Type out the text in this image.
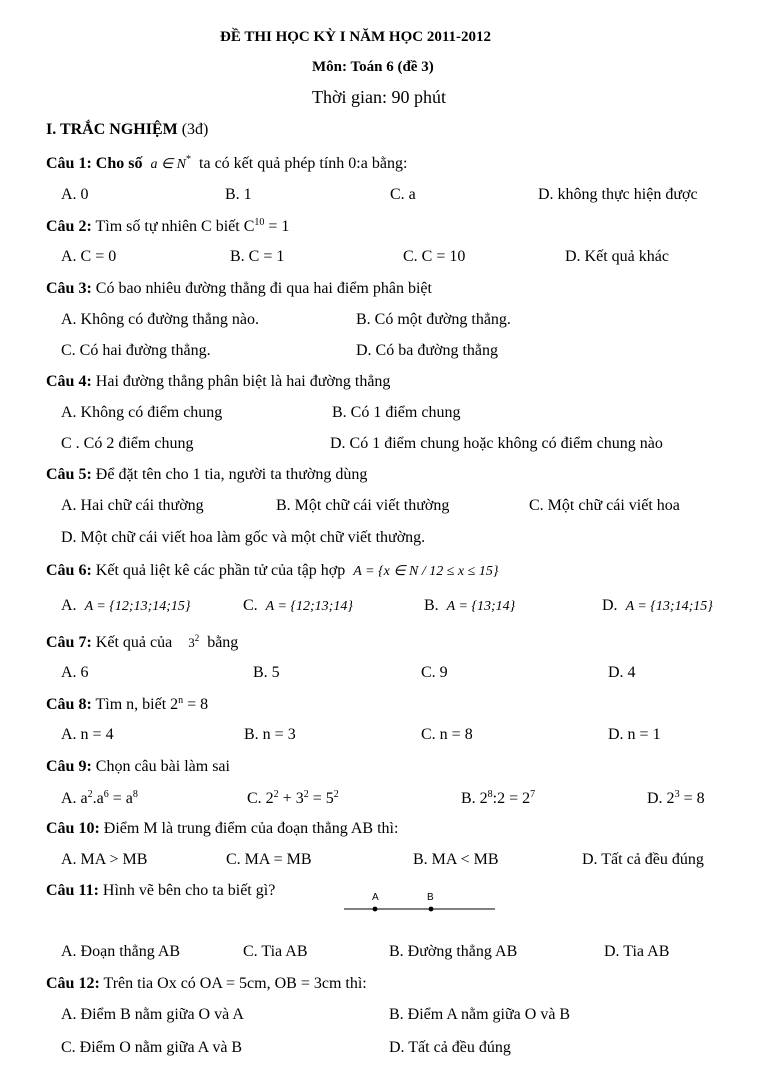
ĐỀ THI HỌC KỲ I NĂM HỌC 2011-2012
Môn: Toán 6 (đề 3)
Thời gian: 90 phút
I. TRẮC NGHIỆM (3đ)
Câu 1: Cho số a ∈ N* ta có kết quả phép tính 0:a bằng:
A. 0	B. 1	C. a	D. không thực hiện được
Câu 2: Tìm số tự nhiên C biết $C^{10} = 1$
A. C = 0	B. C = 1	C. C = 10	D. Kết quả khác
Câu 3: Có bao nhiêu đường thẳng đi qua hai điểm phân biệt
A. Không có đường thẳng nào.	B. Có một đường thẳng.
C. Có hai đường thẳng.	D. Có ba đường thẳng
Câu 4: Hai đường thẳng phân biệt là hai đường thẳng
A. Không có điểm chung	B. Có 1 điểm chung
C . Có 2 điểm chung	D. Có 1 điểm chung hoặc không có điểm chung nào
Câu 5: Để đặt tên cho 1 tia, người ta thường dùng
A. Hai chữ cái thường	B. Một chữ cái viết thường	C. Một chữ cái viết hoa
D. Một chữ cái viết hoa làm gốc và một chữ viết thường.
Câu 6: Kết quả liệt kê các phần tử của tập hợp A = {x ∈ N / 12 ≤ x ≤ 15}
A. A = {12;13;14;15}	C. A = {12;13;14}	B. A = {13;14}	D. A = {13;14;15}
Câu 7: Kết quả của $3^2$ bằng
A. 6	B. 5	C. 9	D. 4
Câu 8: Tìm n, biết $2^n = 8$
A. n = 4	B. n = 3	C. n = 8	D. n = 1
Câu 9: Chọn câu bài làm sai
A. $a^2.a^6 = a^8$	C. $2^2 + 3^2 = 5^2$	B. $2^8:2 = 2^7$	D. $2^3 = 8$
Câu 10: Điểm M là trung điểm của đoạn thẳng AB thì:
A. MA > MB	C. MA = MB	B. MA < MB	D. Tất cả đều đúng
Câu 11: Hình vẽ bên cho ta biết gì?	A	B
A. Đoạn thẳng AB	C. Tia AB	B. Đường thẳng AB	D. Tia AB
Câu 12: Trên tia Ox có OA = 5cm, OB = 3cm thì:
A. Điểm B nằm giữa O và A	B. Điểm A nằm giữa O và B
C. Điểm O nằm giữa A và B	D. Tất cả đều đúng
